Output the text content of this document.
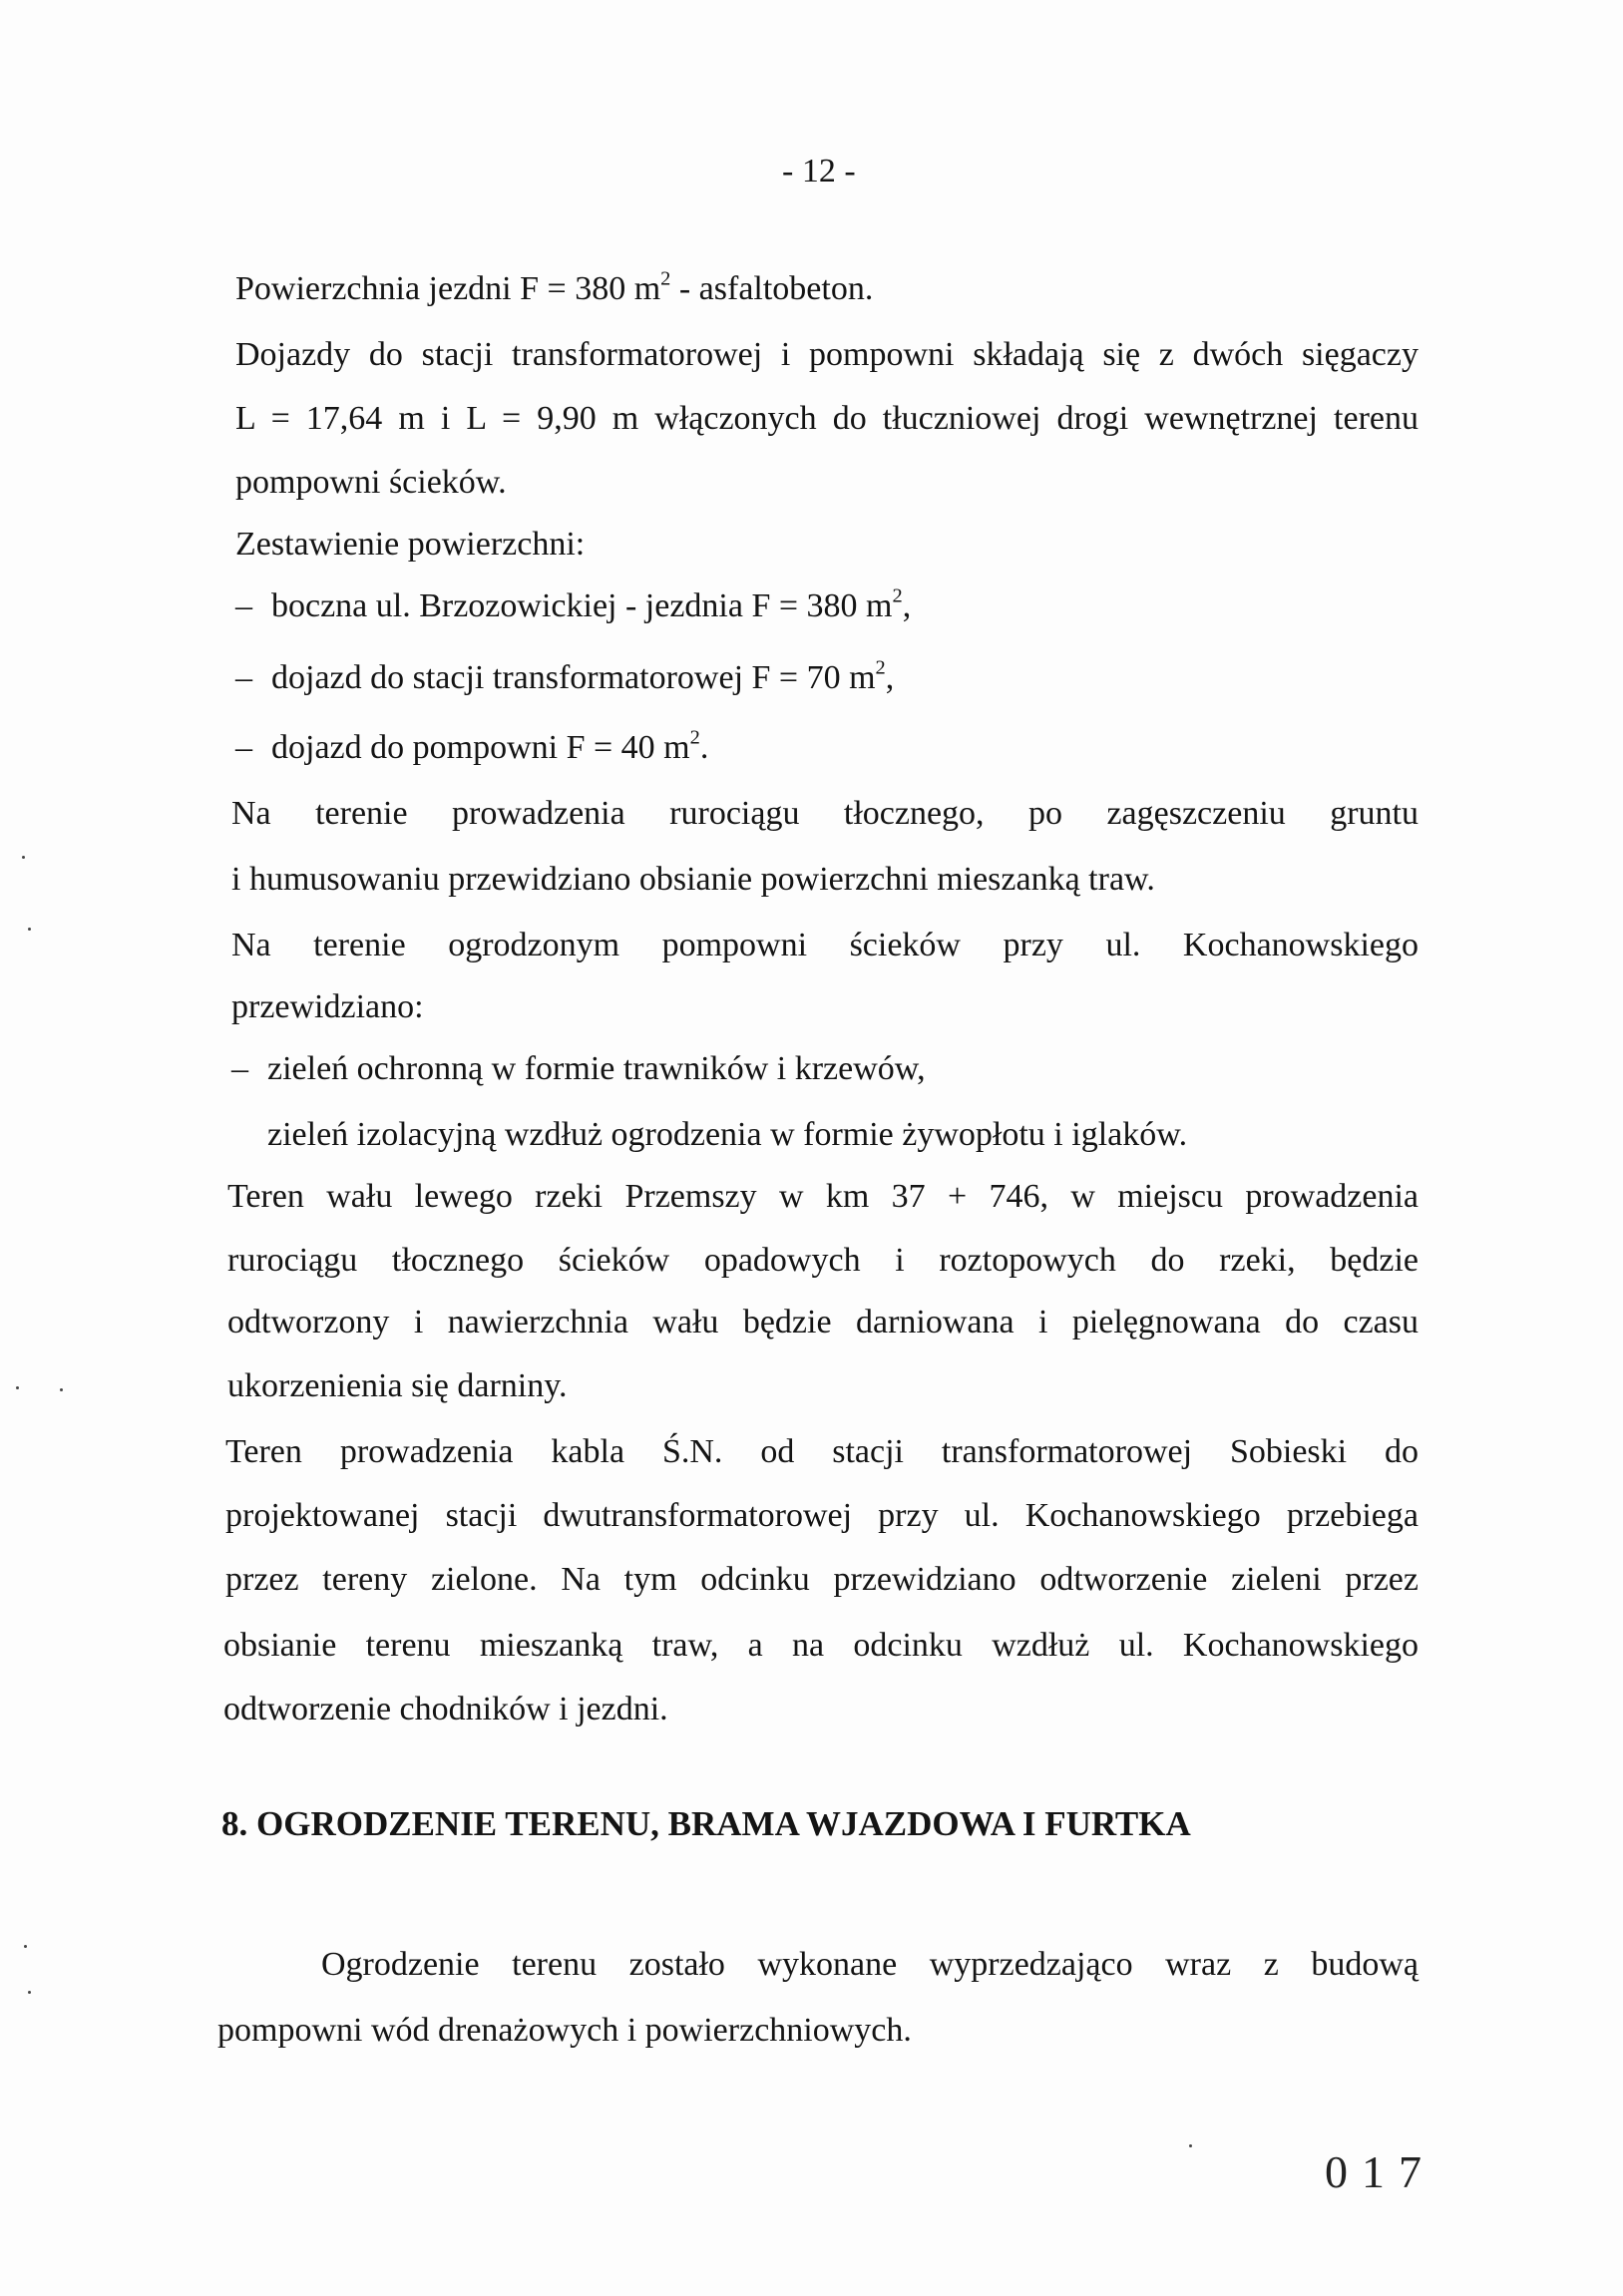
- 12 -
Powierzchnia jezdni F = 380 $m^2$ - asfaltobeton.
Dojazdy do stacji transformatorowej i pompowni składają się z dwóch sięgaczy
L = 17,64 m i L = 9,90 m włączonych do tłuczniowej drogi wewnętrznej terenu
pompowni ścieków.
Zestawienie powierzchni:
– boczna ul. Brzozowickiej - jezdnia F = 380 $m^2$,
– dojazd do stacji transformatorowej F = 70 $m^2$,
– dojazd do pompowni F = 40 $m^2$.
Na terenie prowadzenia rurociągu tłocznego, po zagęszczeniu gruntu
i humusowaniu przewidziano obsianie powierzchni mieszanką traw.
Na terenie ogrodzonym pompowni ścieków przy ul. Kochanowskiego
przewidziano:
– zieleń ochronną w formie trawników i krzewów,
zieleń izolacyjną wzdłuż ogrodzenia w formie żywopłotu i iglaków.
Teren wału lewego rzeki Przemszy w km 37 + 746, w miejscu prowadzenia
rurociągu tłocznego ścieków opadowych i roztopowych do rzeki, będzie
odtworzony i nawierzchnia wału będzie darniowana i pielęgnowana do czasu
ukorzenienia się darniny.
Teren prowadzenia kabla Ś.N. od stacji transformatorowej Sobieski do
projektowanej stacji dwutransformatorowej przy ul. Kochanowskiego przebiega
przez tereny zielone. Na tym odcinku przewidziano odtworzenie zieleni przez
obsianie terenu mieszanką traw, a na odcinku wzdłuż ul. Kochanowskiego
odtworzenie chodników i jezdni.
8. OGRODZENIE TERENU, BRAMA WJAZDOWA I FURTKA
Ogrodzenie terenu zostało wykonane wyprzedzająco wraz z budową
pompowni wód drenażowych i powierzchniowych.
017
